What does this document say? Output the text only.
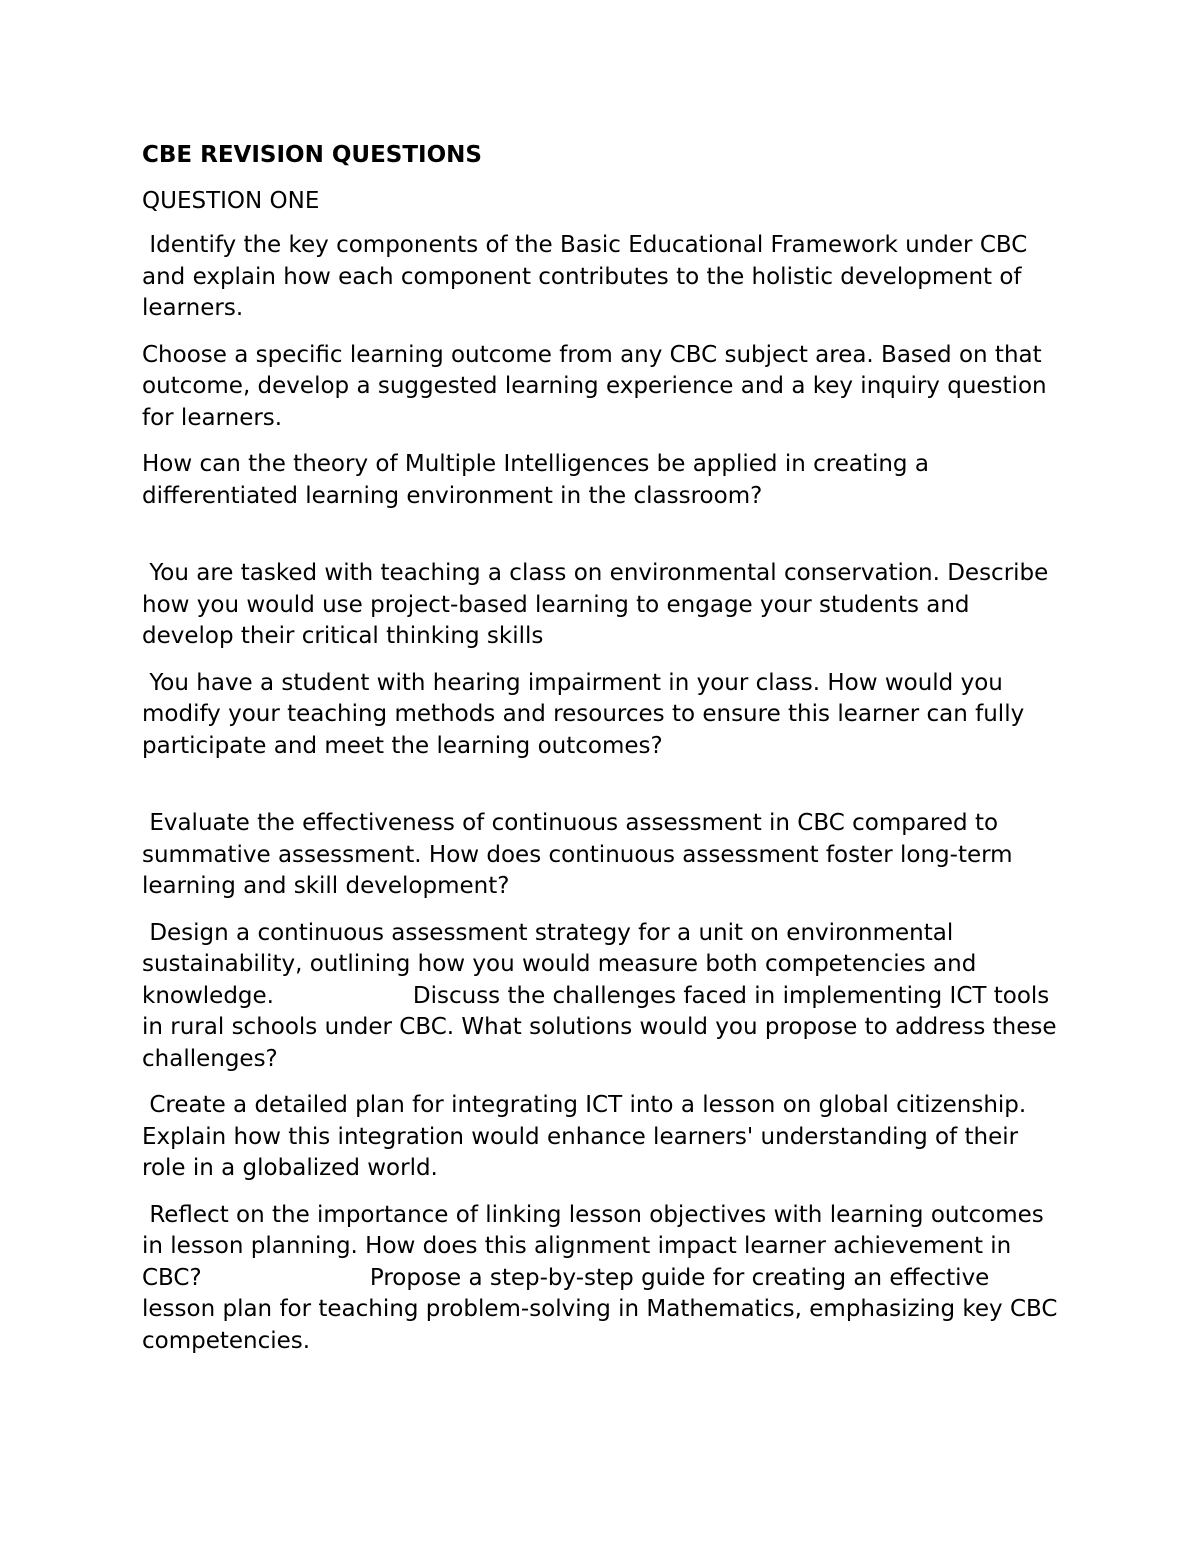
CBE REVISION QUESTIONS
QUESTION ONE
Identify the key components of the Basic Educational Framework under CBC and explain how each component contributes to the holistic development of learners.
Choose a specific learning outcome from any CBC subject area. Based on that outcome, develop a suggested learning experience and a key inquiry question for learners.
How can the theory of Multiple Intelligences be applied in creating a differentiated learning environment in the classroom?
You are tasked with teaching a class on environmental conservation. Describe how you would use project-based learning to engage your students and develop their critical thinking skills
You have a student with hearing impairment in your class. How would you modify your teaching methods and resources to ensure this learner can fully participate and meet the learning outcomes?
Evaluate the effectiveness of continuous assessment in CBC compared to summative assessment. How does continuous assessment foster long-term learning and skill development?
Design a continuous assessment strategy for a unit on environmental sustainability, outlining how you would measure both competencies and knowledge.                   Discuss the challenges faced in implementing ICT tools in rural schools under CBC. What solutions would you propose to address these challenges?
Create a detailed plan for integrating ICT into a lesson on global citizenship. Explain how this integration would enhance learners' understanding of their role in a globalized world.
Reflect on the importance of linking lesson objectives with learning outcomes in lesson planning. How does this alignment impact learner achievement in CBC?                       Propose a step-by-step guide for creating an effective lesson plan for teaching problem-solving in Mathematics, emphasizing key CBC competencies.
